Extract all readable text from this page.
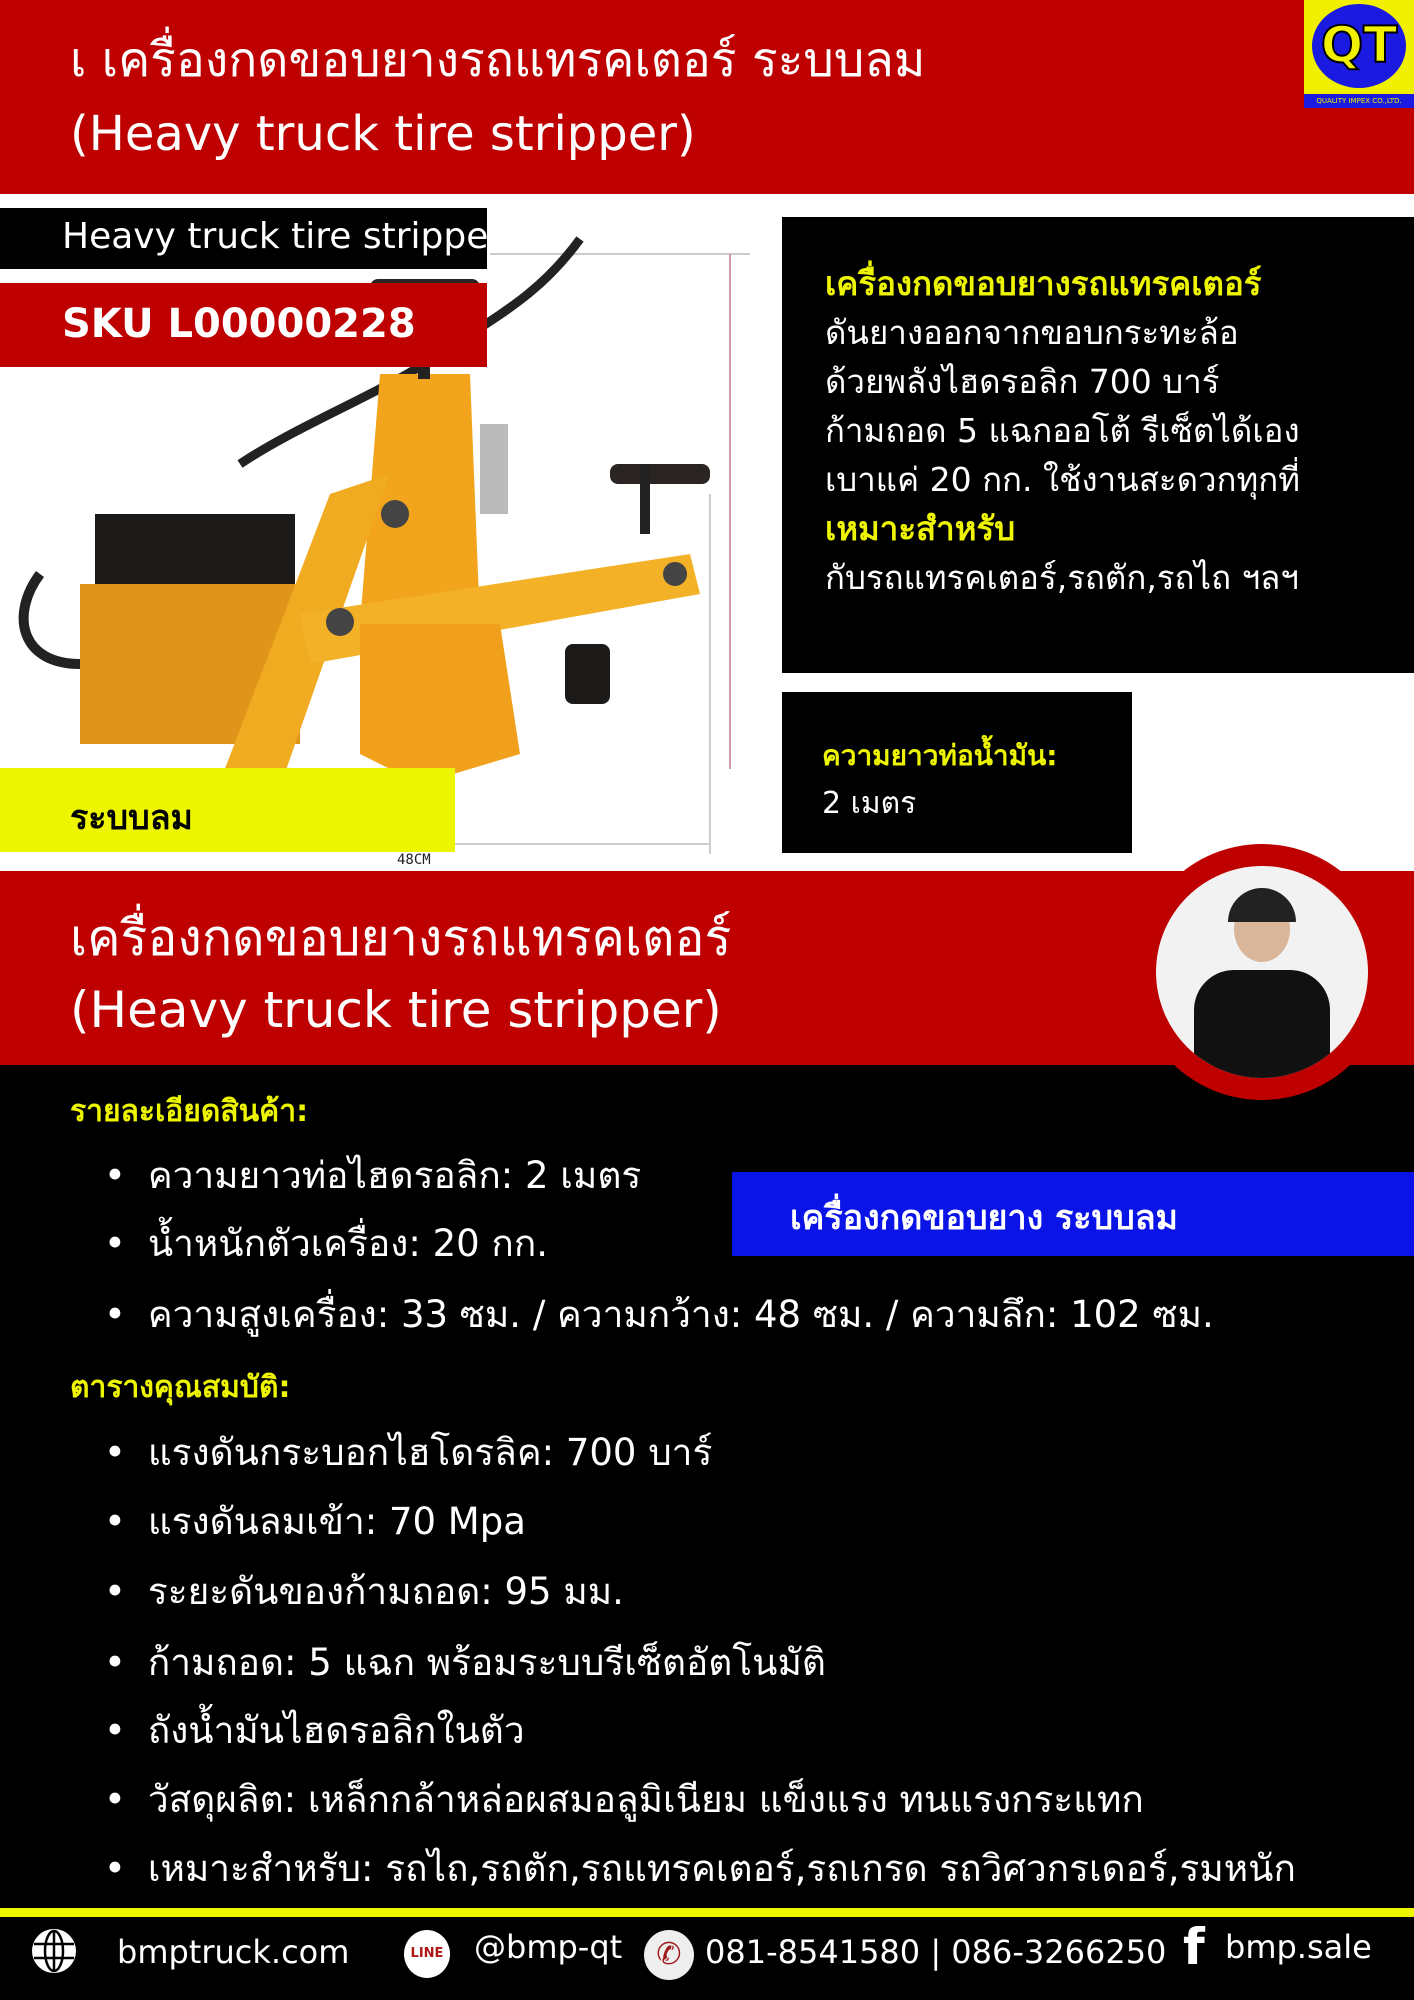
เ เครื่องกดขอบยางรถแทรคเตอร์ ระบบลม
(Heavy truck tire stripper)
QT
QUALITY IMPEX CO.,LTD.
Heavy truck tire stripper
SKU L00000228
ระบบลม
48CM
เครื่องกดขอบยางรถแทรคเตอร์
ดันยางออกจากขอบกระทะล้อ
ด้วยพลังไฮดรอลิก 700 บาร์
ก้ามถอด 5 แฉกออโต้ รีเซ็ตได้เอง
เบาแค่ 20 กก. ใช้งานสะดวกทุกที่
เหมาะสำหรับ
กับรถแทรคเตอร์,รถตัก,รถไถ ฯลฯ
ความยาวท่อน้ำมัน:
2 เมตร
เครื่องกดขอบยางรถแทรคเตอร์
(Heavy truck tire stripper)
รายละเอียดสินค้า:
• ความยาวท่อไฮดรอลิก: 2 เมตร
• น้ำหนักตัวเครื่อง: 20 กก.
• ความสูงเครื่อง: 33 ซม. / ความกว้าง: 48 ซม. / ความลึก: 102 ซม.
เครื่องกดขอบยาง ระบบลม
ตารางคุณสมบัติ:
• แรงดันกระบอกไฮโดรลิค: 700 บาร์
• แรงดันลมเข้า: 70 Mpa
• ระยะดันของก้ามถอด: 95 มม.
• ก้ามถอด: 5 แฉก พร้อมระบบรีเซ็ตอัตโนมัติ
• ถังน้ำมันไฮดรอลิกในตัว
• วัสดุผลิต: เหล็กกล้าหล่อผสมอลูมิเนียม แข็งแรง ทนแรงกระแทก
• เหมาะสำหรับ: รถไถ,รถตัก,รถแทรคเตอร์,รถเกรด รถวิศวกรเดอร์,รมหนัก
bmptruck.com	LINE @bmp-qt	✆ 081-8541580 | 086-3266250 f bmp.sale
